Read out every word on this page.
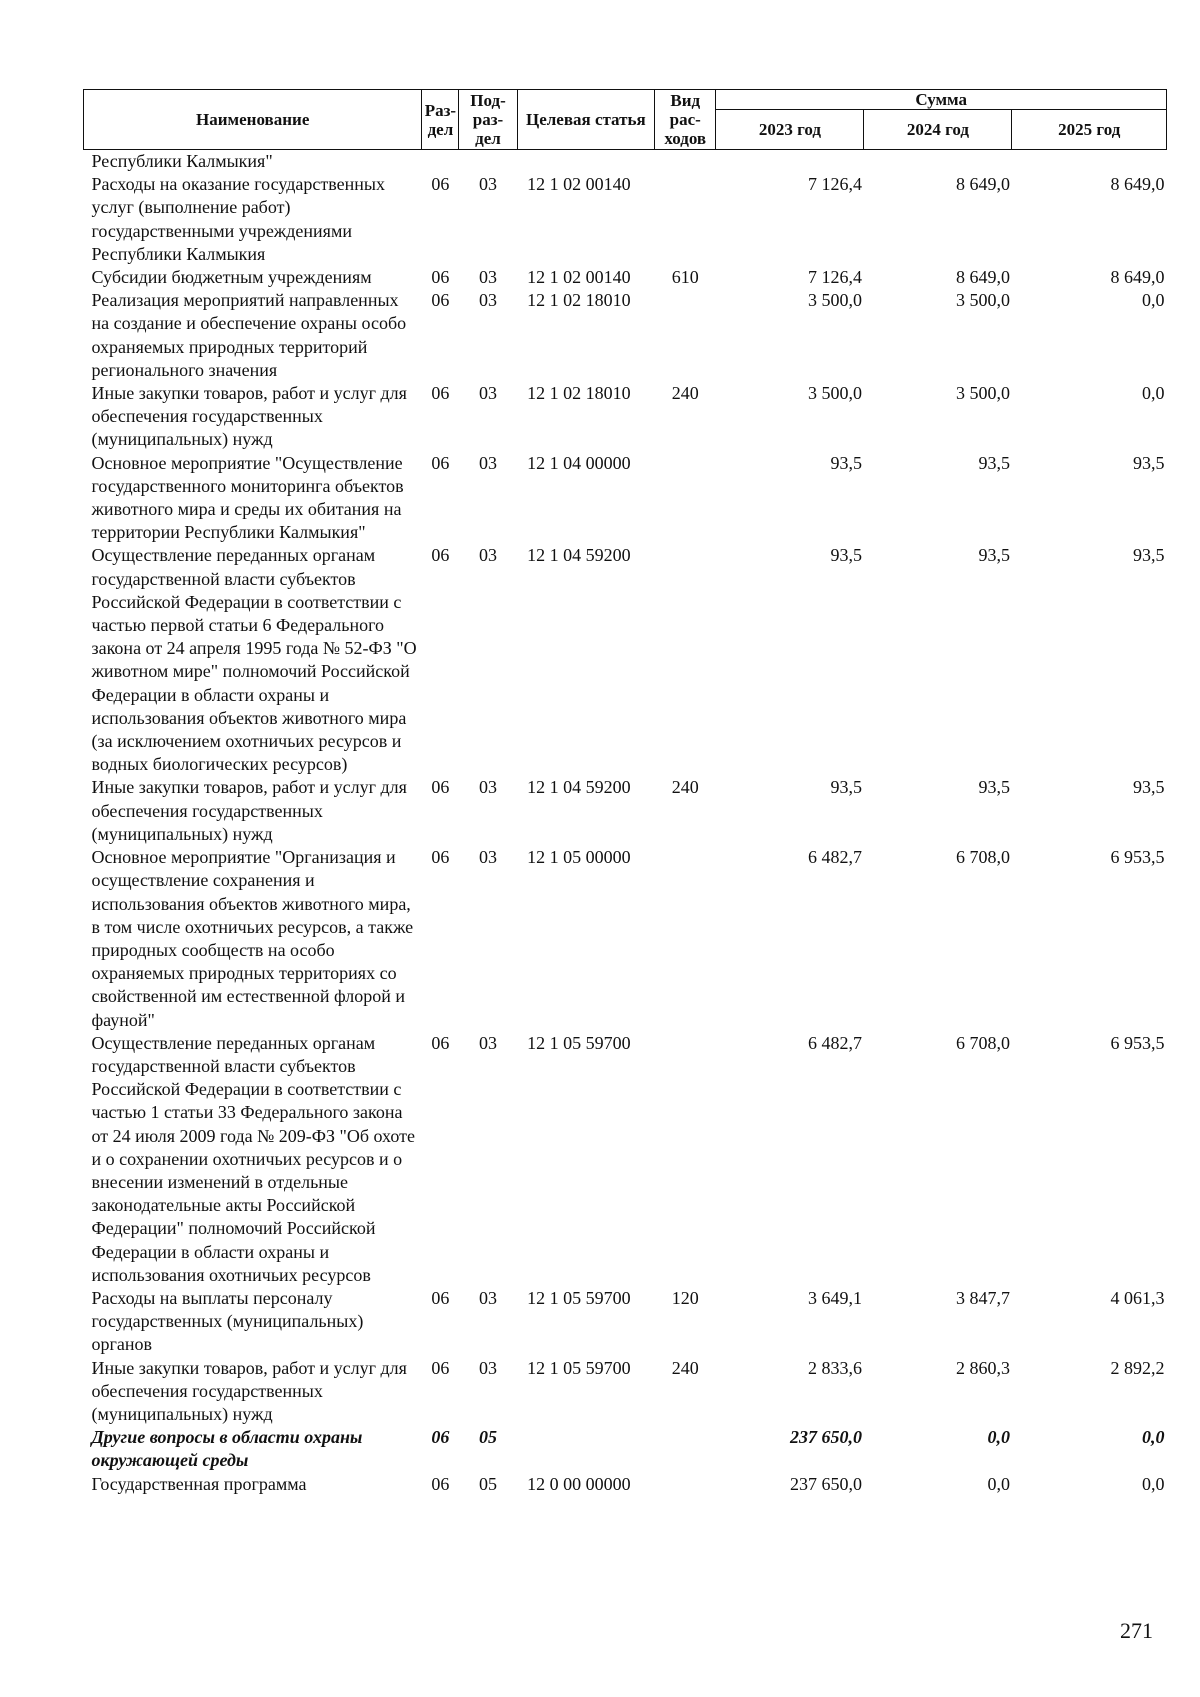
Наименование	Раз-дел	Под-раз-дел	Целевая статья	Вид рас-ходов	Сумма		
					2023 год	2024 год	2025 год
Республики Калмыкия"							
Расходы на оказание государственных услуг (выполнение работ) государственными учреждениями Республики Калмыкия	06	03	12 1 02 00140		7 126,4	8 649,0	8 649,0
Субсидии бюджетным учреждениям	06	03	12 1 02 00140	610	7 126,4	8 649,0	8 649,0
Реализация мероприятий направленных на создание и обеспечение охраны особо охраняемых природных территорий регионального значения	06	03	12 1 02 18010		3 500,0	3 500,0	0,0
Иные закупки товаров, работ и услуг для обеспечения государственных (муниципальных) нужд	06	03	12 1 02 18010	240	3 500,0	3 500,0	0,0
Основное мероприятие "Осуществление государственного мониторинга объектов животного мира и среды их обитания на территории Республики Калмыкия"	06	03	12 1 04 00000		93,5	93,5	93,5
Осуществление переданных органам государственной власти субъектов Российской Федерации в соответствии с частью первой статьи 6 Федерального закона от 24 апреля 1995 года № 52-ФЗ "О животном мире" полномочий Российской Федерации в области охраны и использования объектов животного мира (за исключением охотничьих ресурсов и водных биологических ресурсов)	06	03	12 1 04 59200		93,5	93,5	93,5
Иные закупки товаров, работ и услуг для обеспечения государственных (муниципальных) нужд	06	03	12 1 04 59200	240	93,5	93,5	93,5
Основное мероприятие "Организация и осуществление сохранения и использования объектов животного мира, в том числе охотничьих ресурсов, а также природных сообществ на особо охраняемых природных территориях со свойственной им естественной флорой и фауной"	06	03	12 1 05 00000		6 482,7	6 708,0	6 953,5
Осуществление переданных органам государственной власти субъектов Российской Федерации в соответствии с частью 1 статьи 33 Федерального закона от 24 июля 2009 года № 209-ФЗ "Об охоте и о сохранении охотничьих ресурсов и о внесении изменений в отдельные законодательные акты Российской Федерации" полномочий Российской Федерации в области охраны и использования охотничьих ресурсов	06	03	12 1 05 59700		6 482,7	6 708,0	6 953,5
Расходы на выплаты персоналу государственных (муниципальных) органов	06	03	12 1 05 59700	120	3 649,1	3 847,7	4 061,3
Иные закупки товаров, работ и услуг для обеспечения государственных (муниципальных) нужд	06	03	12 1 05 59700	240	2 833,6	2 860,3	2 892,2
Другие вопросы в области охраны окружающей среды	06	05			237 650,0	0,0	0,0
Государственная программа	06	05	12 0 00 00000		237 650,0	0,0	0,0
271
